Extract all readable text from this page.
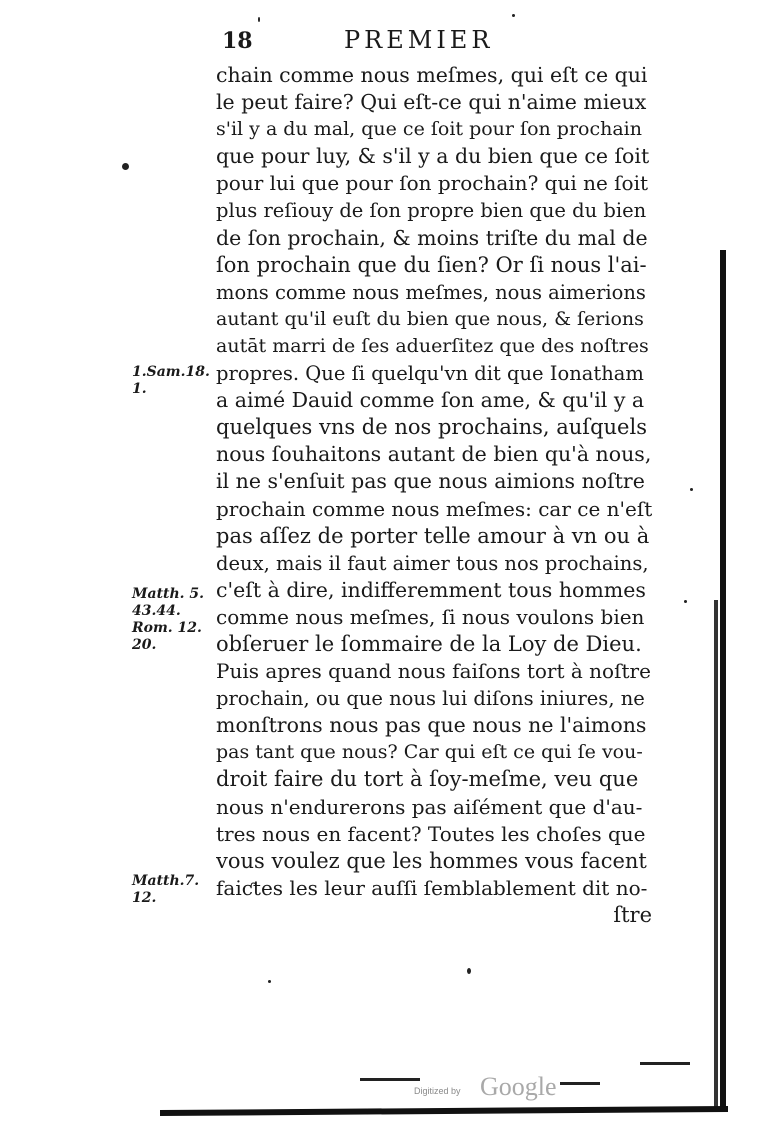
18	PREMIER
chain comme nous meſmes, qui eſt ce qui
le peut faire? Qui eſt-ce qui n'aime mieux
s'il y a du mal, que ce ſoit pour ſon prochain
que pour luy, & s'il y a du bien que ce ſoit
pour lui que pour ſon prochain? qui ne ſoit
plus reſiouy de ſon propre bien que du bien
de ſon prochain, & moins triſte du mal de
ſon prochain que du ſien? Or ſi nous l'ai-
mons comme nous meſmes, nous aimerions
autant qu'il euſt du bien que nous, & ſerions
autāt marri de ſes aduerſitez que des noſtres
propres. Que ſi quelqu'vn dit que Ionatham
a aimé Dauid comme ſon ame, & qu'il y a
quelques vns de nos prochains, auſquels
nous ſouhaitons autant de bien qu'à nous,
il ne s'enſuit pas que nous aimions noſtre
prochain comme nous meſmes: car ce n'eſt
pas aſſez de porter telle amour à vn ou à
deux, mais il faut aimer tous nos prochains,
c'eſt à dire, indifferemment tous hommes
comme nous meſmes, ſi nous voulons bien
obſeruer le ſommaire de la Loy de Dieu.
Puis apres quand nous faiſons tort à noſtre
prochain, ou que nous lui diſons iniures, ne
monſtrons nous pas que nous ne l'aimons
pas tant que nous? Car qui eſt ce qui ſe vou-
droit faire du tort à ſoy-meſme, veu que
nous n'endurerons pas aiſément que d'au-
tres nous en facent? Toutes les choſes que
vous voulez que les hommes vous facent
faiƈtes les leur auſſi ſemblablement dit no-
ſtre
1.Sam.18.
1.
Matth. 5.
43.44.
Rom. 12.
20.
Matth.7.
12.
Digitized by Google
